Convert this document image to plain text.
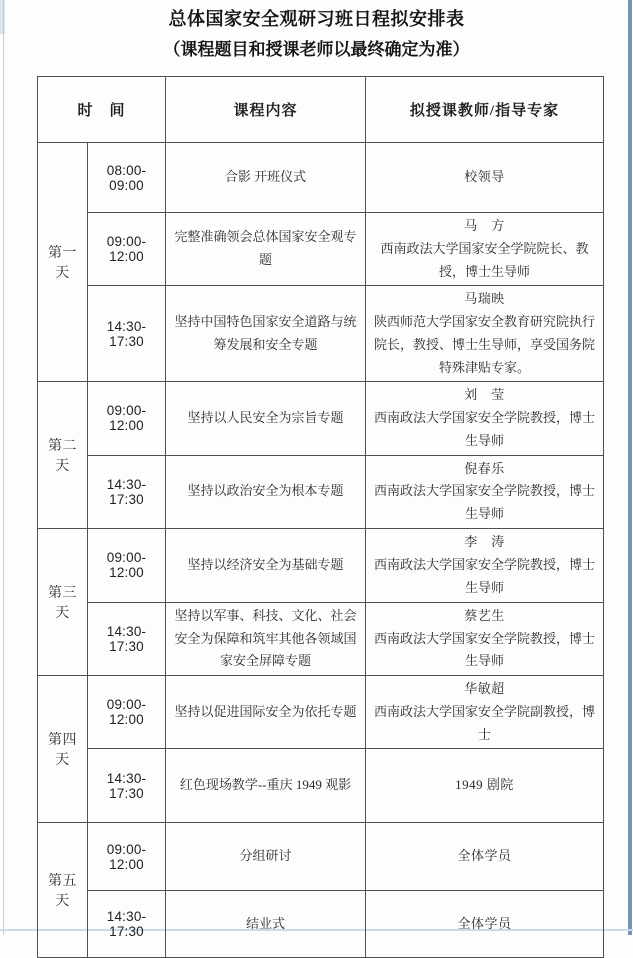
总体国家安全观研习班日程拟安排表
（课程题目和授课老师以最终确定为准）
时　间		课程内容	拟授课教师/指导专家
第一天	08:00-09:00	合影 开班仪式	校领导

	09:00-12:00	完整准确领会总体国家安全观专题	马　方
西南政法大学国家安全学院院长、教授，博士生导师

	14:30-17:30	坚持中国特色国家安全道路与统筹发展和安全专题	马瑞映
陕西师范大学国家安全教育研究院执行院长，教授、博士生导师，享受国务院特殊津贴专家。

第二天	09:00-12:00	坚持以人民安全为宗旨专题	刘　莹
西南政法大学国家安全学院教授，博士生导师

	14:30-17:30	坚持以政治安全为根本专题	倪春乐
西南政法大学国家安全学院教授，博士生导师

第三天	09:00-12:00	坚持以经济安全为基础专题	李　涛
西南政法大学国家安全学院教授，博士生导师

	14:30-17:30	坚持以军事、科技、文化、社会安全为保障和筑牢其他各领域国家安全屏障专题	蔡艺生
西南政法大学国家安全学院教授，博士生导师

第四天	09:00-12:00	坚持以促进国际安全为依托专题	华敏超
西南政法大学国家安全学院副教授，博士

	14:30-17:30	红色现场教学--重庆 1949 观影	1949 剧院

第五天	09:00-12:00	分组研讨	全体学员

	14:30-17:30	结业式	全体学员
